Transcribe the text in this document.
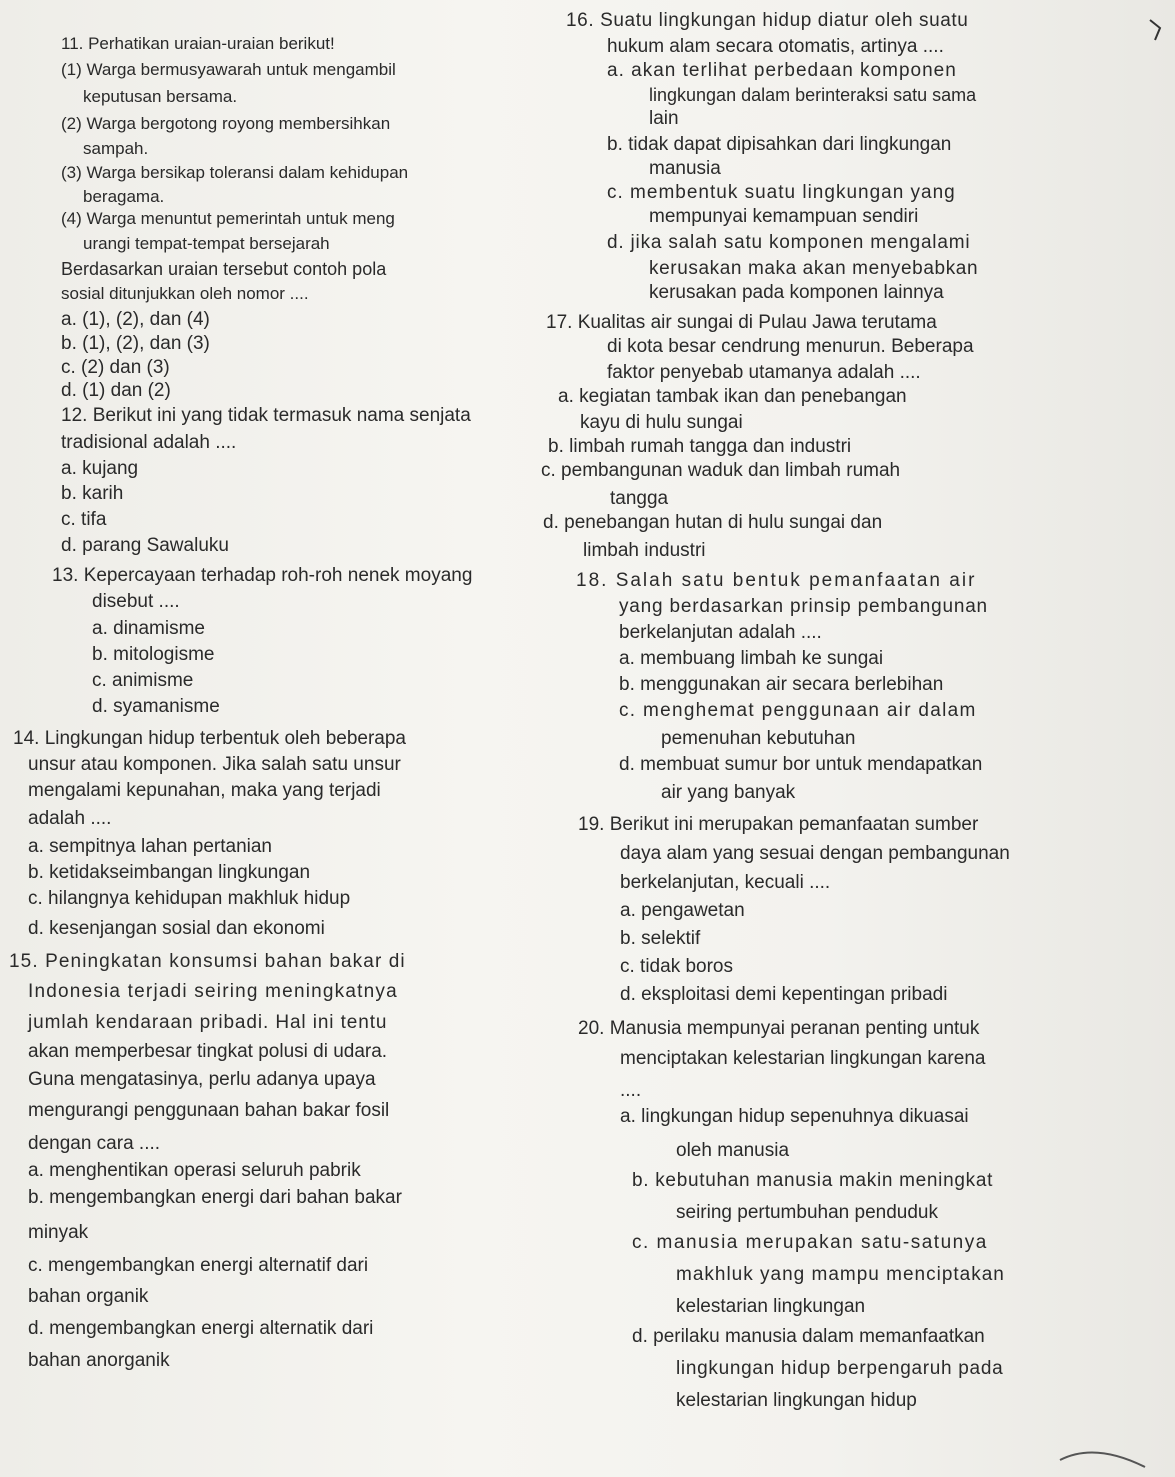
11. Perhatikan uraian-uraian berikut!
(1) Warga bermusyawarah untuk mengambil
keputusan bersama.
(2) Warga bergotong royong membersihkan
sampah.
(3) Warga bersikap toleransi dalam kehidupan
beragama.
(4) Warga menuntut pemerintah untuk meng
urangi tempat-tempat bersejarah
Berdasarkan uraian tersebut contoh pola
sosial ditunjukkan oleh nomor ....
a. (1), (2), dan (4)
b. (1), (2), dan (3)
c. (2) dan (3)
d. (1) dan (2)
12. Berikut ini yang tidak termasuk nama senjata
tradisional adalah ....
a. kujang
b. karih
c. tifa
d. parang Sawaluku
13. Kepercayaan terhadap roh-roh nenek moyang
disebut ....
a. dinamisme
b. mitologisme
c. animisme
d. syamanisme
14. Lingkungan hidup terbentuk oleh beberapa
unsur atau komponen. Jika salah satu unsur
mengalami kepunahan, maka yang terjadi
adalah ....
a. sempitnya lahan pertanian
b. ketidakseimbangan lingkungan
c. hilangnya kehidupan makhluk hidup
d. kesenjangan sosial dan ekonomi
15. Peningkatan konsumsi bahan bakar di
Indonesia terjadi seiring meningkatnya
jumlah kendaraan pribadi. Hal ini tentu
akan memperbesar tingkat polusi di udara.
Guna mengatasinya, perlu adanya upaya
mengurangi penggunaan bahan bakar fosil
dengan cara ....
a. menghentikan operasi seluruh pabrik
b. mengembangkan energi dari bahan bakar
minyak
c. mengembangkan energi alternatif dari
bahan organik
d. mengembangkan energi alternatik dari
bahan anorganik
16. Suatu lingkungan hidup diatur oleh suatu
hukum alam secara otomatis, artinya ....
a. akan terlihat perbedaan komponen
lingkungan dalam berinteraksi satu sama
lain
b. tidak dapat dipisahkan dari lingkungan
manusia
c. membentuk suatu lingkungan yang
mempunyai kemampuan sendiri
d. jika salah satu komponen mengalami
kerusakan maka akan menyebabkan
kerusakan pada komponen lainnya
17. Kualitas air sungai di Pulau Jawa terutama
di kota besar cendrung menurun. Beberapa
faktor penyebab utamanya adalah ....
a. kegiatan tambak ikan dan penebangan
kayu di hulu sungai
b. limbah rumah tangga dan industri
c. pembangunan waduk dan limbah rumah
tangga
d. penebangan hutan di hulu sungai dan
limbah industri
18. Salah satu bentuk pemanfaatan air
yang berdasarkan prinsip pembangunan
berkelanjutan adalah ....
a. membuang limbah ke sungai
b. menggunakan air secara berlebihan
c. menghemat penggunaan air dalam
pemenuhan kebutuhan
d. membuat sumur bor untuk mendapatkan
air yang banyak
19. Berikut ini merupakan pemanfaatan sumber
daya alam yang sesuai dengan pembangunan
berkelanjutan, kecuali ....
a. pengawetan
b. selektif
c. tidak boros
d. eksploitasi demi kepentingan pribadi
20. Manusia mempunyai peranan penting untuk
menciptakan kelestarian lingkungan karena
....
a. lingkungan hidup sepenuhnya dikuasai
oleh manusia
b. kebutuhan manusia makin meningkat
seiring pertumbuhan penduduk
c. manusia merupakan satu-satunya
makhluk yang mampu menciptakan
kelestarian lingkungan
d. perilaku manusia dalam memanfaatkan
lingkungan hidup berpengaruh pada
kelestarian lingkungan hidup
